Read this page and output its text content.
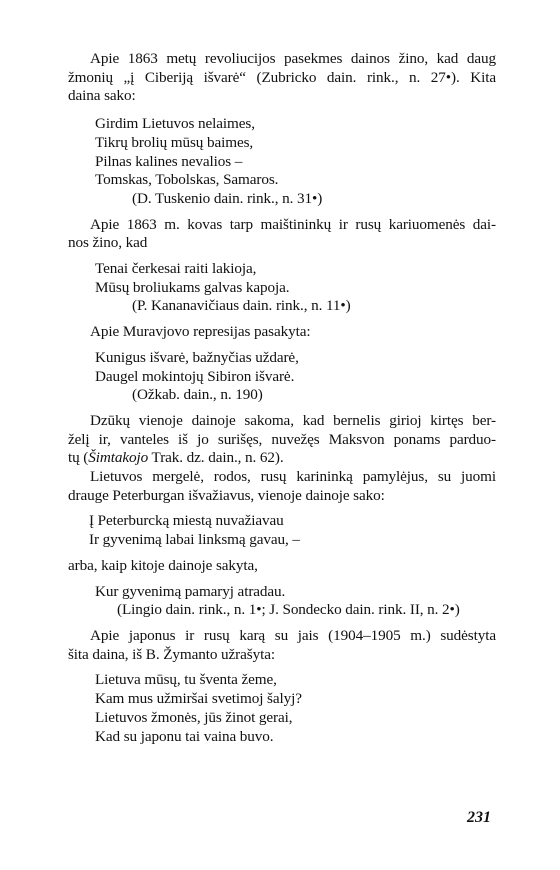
Apie 1863 metų revoliucijos pasekmes dainos žino, kad daug
žmonių „į Ciberiją išvarė“ (Zubricko dain. rink., n. 27•). Kita
daina sako:

Girdim Lietuvos nelaimes,
Tikrų brolių mūsų baimes,
Pilnas kalines nevalios –
Tomskas, Tobolskas, Samaros.
(D. Tuskenio dain. rink., n. 31•)

Apie 1863 m. kovas tarp maištininkų ir rusų kariuomenės dai-
nos žino, kad

Tenai čerkesai raiti lakioja,
Mūsų broliukams galvas kapoja.
(P. Kananavičiaus dain. rink., n. 11•)

Apie Muravjovo represijas pasakyta:

Kunigus išvarė, bažnyčias uždarė,
Daugel mokintojų Sibiron išvarė.
(Ožkab. dain., n. 190)

Dzūkų vienoje dainoje sakoma, kad bernelis girioj kirtęs ber-
želį ir, vanteles iš jo surišęs, nuvežęs Maksvon ponams parduo-
tų (Šimtakojo Trak. dz. dain., n. 62).

Lietuvos mergelė, rodos, rusų karininką pamylėjus, su juomi
drauge Peterburgan išvažiavus, vienoje dainoje sako:

Į Peterburcką miestą nuvažiavau
Ir gyvenimą labai linksmą gavau, –

arba, kaip kitoje dainoje sakyta,

Kur gyvenimą pamaryj atradau.
(Lingio dain. rink., n. 1•; J. Sondecko dain. rink. II, n. 2•)

Apie japonus ir rusų karą su jais (1904–1905 m.) sudėstyta
šita daina, iš B. Žymanto užrašyta:

Lietuva mūsų, tu šventa žeme,
Kam mus užmiršai svetimoj šalyj?
Lietuvos žmonės, jūs žinot gerai,
Kad su japonu tai vaina buvo.
231
